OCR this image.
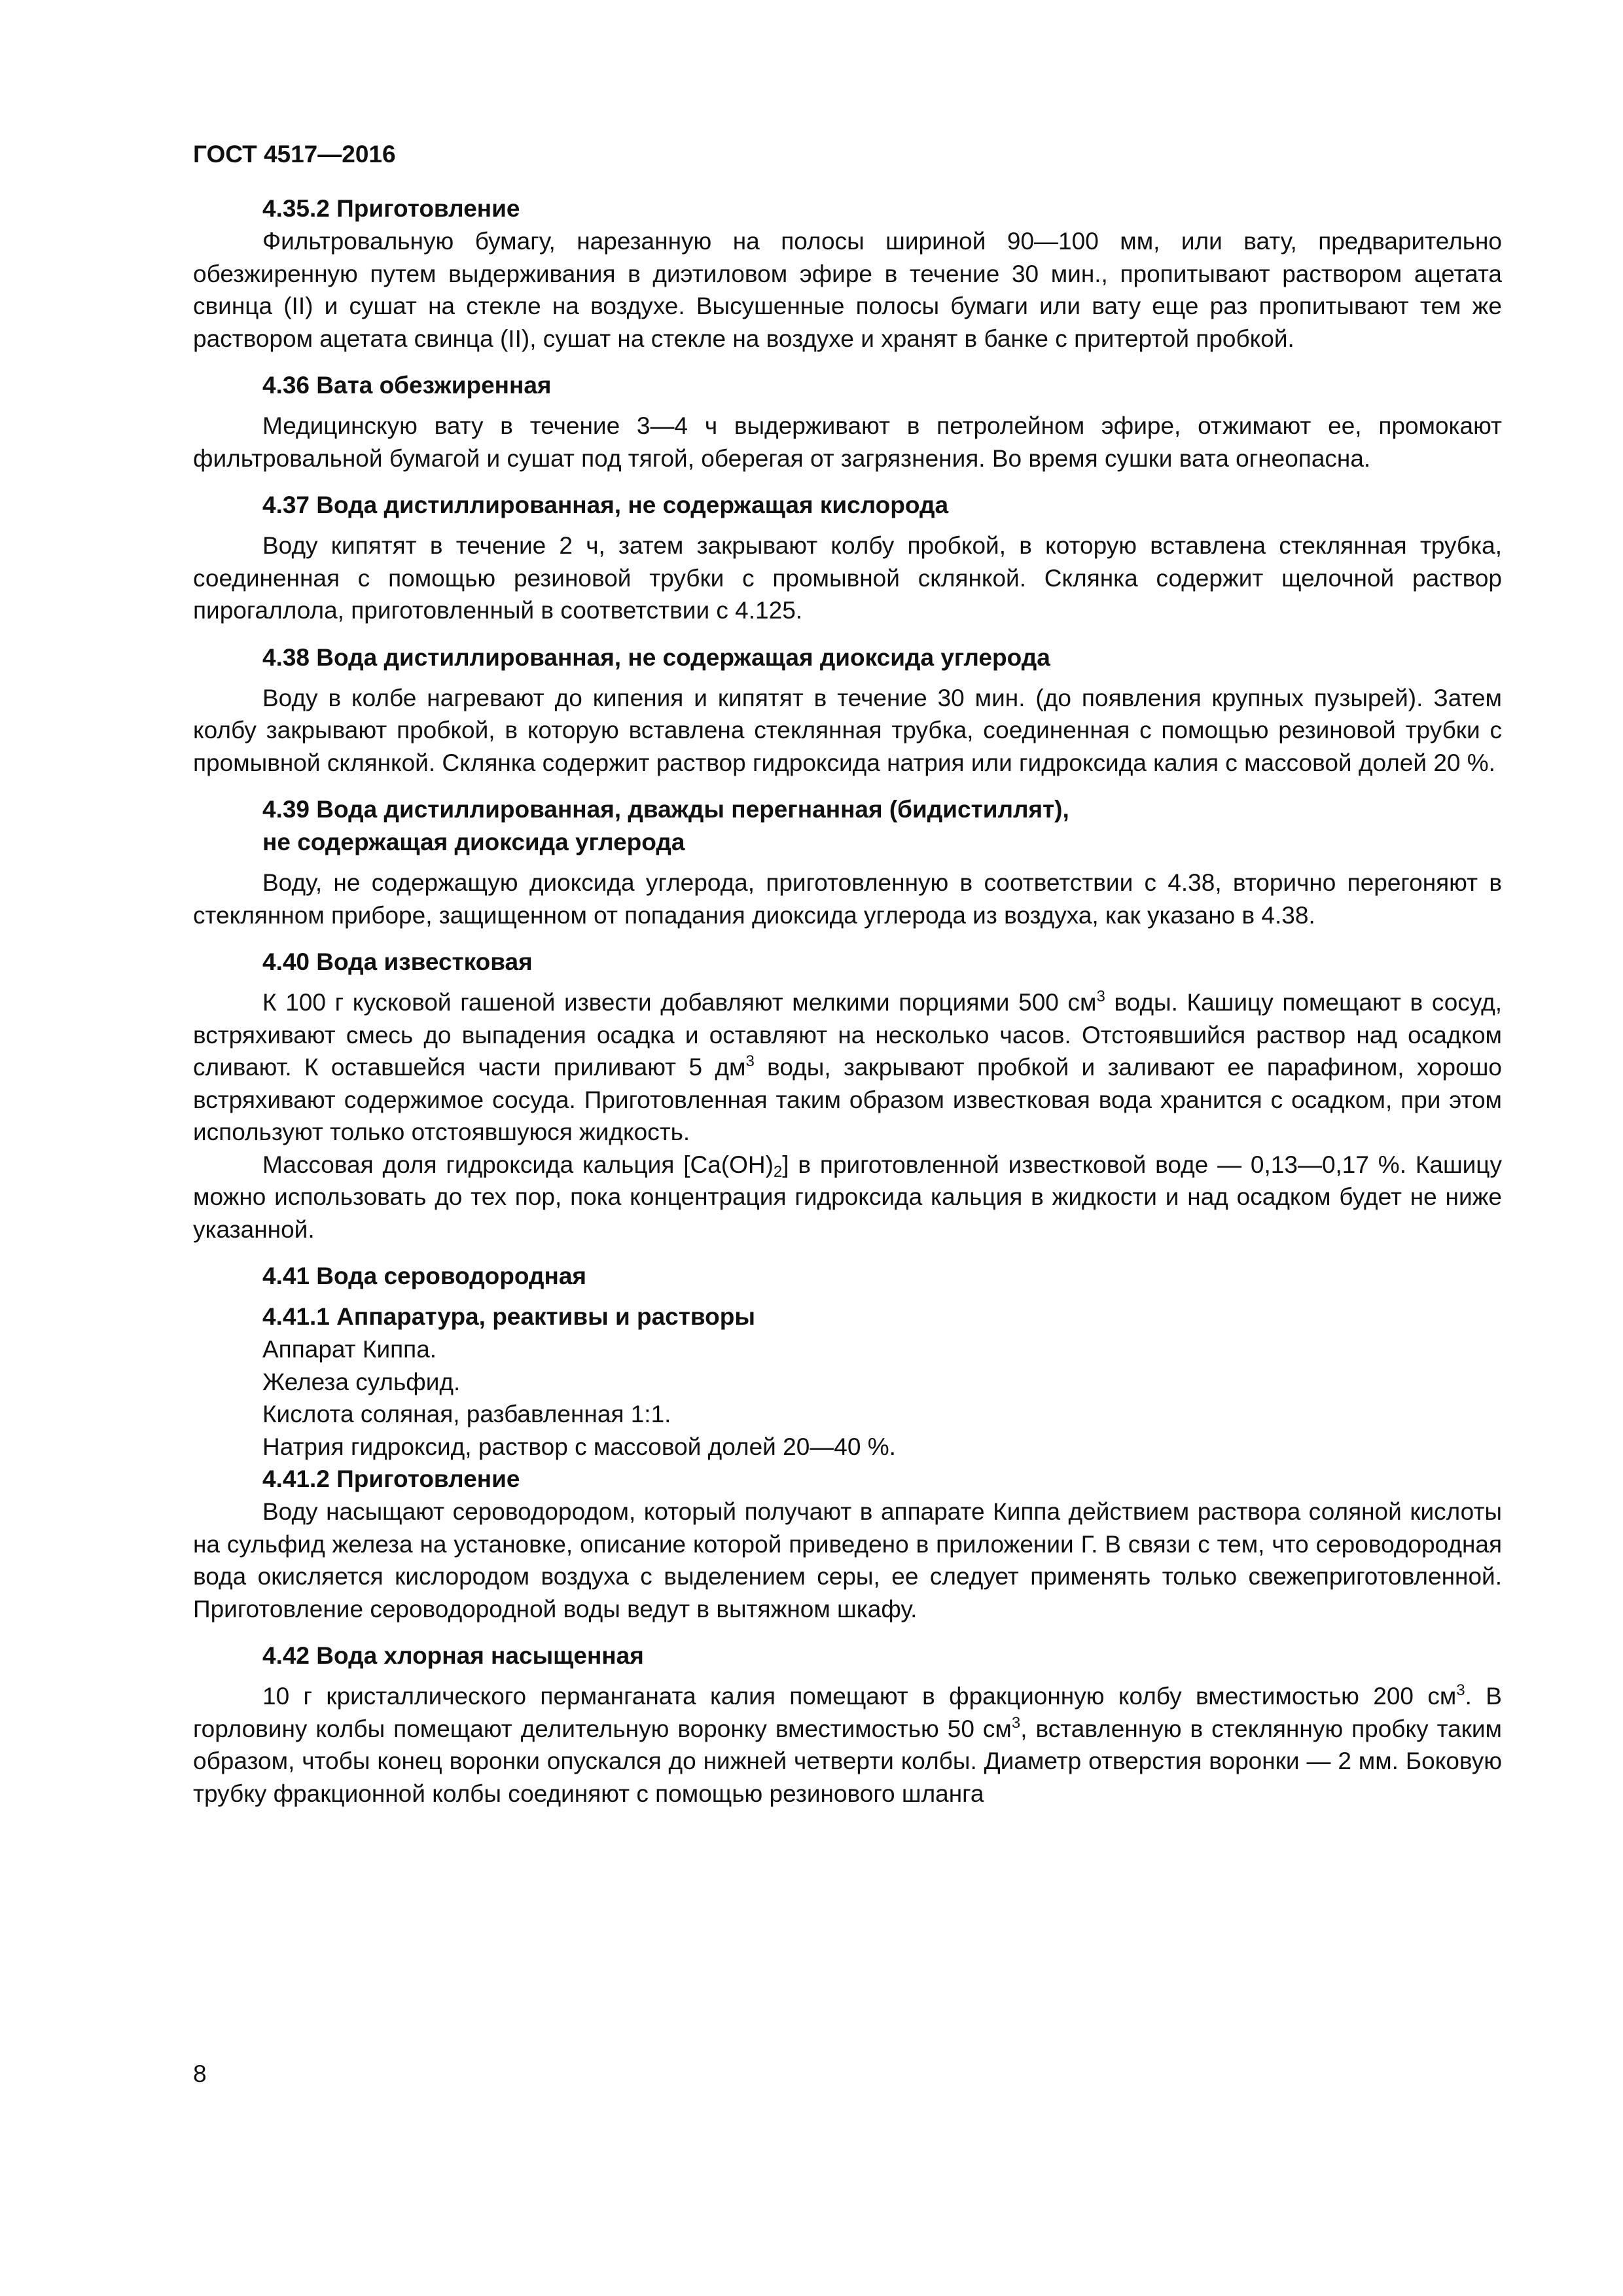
ГОСТ 4517—2016
4.35.2 Приготовление

Фильтровальную бумагу, нарезанную на полосы шириной 90—100 мм, или вату, предварительно обезжиренную путем выдерживания в диэтиловом эфире в течение 30 мин., пропитывают раствором ацетата свинца (II) и сушат на стекле на воздухе. Высушенные полосы бумаги или вату еще раз пропитывают тем же раствором ацетата свинца (II), сушат на стекле на воздухе и хранят в банке с притертой пробкой.

4.36 Вата обезжиренная

Медицинскую вату в течение 3—4 ч выдерживают в петролейном эфире, отжимают ее, промокают фильтровальной бумагой и сушат под тягой, оберегая от загрязнения. Во время сушки вата огнеопасна.

4.37 Вода дистиллированная, не содержащая кислорода

Воду кипятят в течение 2 ч, затем закрывают колбу пробкой, в которую вставлена стеклянная трубка, соединенная с помощью резиновой трубки с промывной склянкой. Склянка содержит щелочной раствор пирогаллола, приготовленный в соответствии с 4.125.

4.38 Вода дистиллированная, не содержащая диоксида углерода

Воду в колбе нагревают до кипения и кипятят в течение 30 мин. (до появления крупных пузырей). Затем колбу закрывают пробкой, в которую вставлена стеклянная трубка, соединенная с помощью резиновой трубки с промывной склянкой. Склянка содержит раствор гидроксида натрия или гидроксида калия с массовой долей 20 %.

4.39 Вода дистиллированная, дважды перегнанная (бидистиллят),
не содержащая диоксида углерода

Воду, не содержащую диоксида углерода, приготовленную в соответствии с 4.38, вторично перегоняют в стеклянном приборе, защищенном от попадания диоксида углерода из воздуха, как указано в 4.38.

4.40 Вода известковая

К 100 г кусковой гашеной извести добавляют мелкими порциями 500 $см^3$ воды. Кашицу помещают в сосуд, встряхивают смесь до выпадения осадка и оставляют на несколько часов. Отстоявшийся раствор над осадком сливают. К оставшейся части приливают 5 $дм^3$ воды, закрывают пробкой и заливают ее парафином, хорошо встряхивают содержимое сосуда. Приготовленная таким образом известковая вода хранится с осадком, при этом используют только отстоявшуюся жидкость.

Массовая доля гидроксида кальция $[Ca(OH)_2]$ в приготовленной известковой воде — 0,13—0,17 %. Кашицу можно использовать до тех пор, пока концентрация гидроксида кальция в жидкости и над осадком будет не ниже указанной.

4.41 Вода сероводородная
4.41.1 Аппаратура, реактивы и растворы
Аппарат Киппа.
Железа сульфид.
Кислота соляная, разбавленная 1:1.
Натрия гидроксид, раствор с массовой долей 20—40 %.
4.41.2 Приготовление

Воду насыщают сероводородом, который получают в аппарате Киппа действием раствора соляной кислоты на сульфид железа на установке, описание которой приведено в приложении Г. В связи с тем, что сероводородная вода окисляется кислородом воздуха с выделением серы, ее следует применять только свежеприготовленной. Приготовление сероводородной воды ведут в вытяжном шкафу.

4.42 Вода хлорная насыщенная

10 г кристаллического перманганата калия помещают в фракционную колбу вместимостью 200 $см^3$. В горловину колбы помещают делительную воронку вместимостью 50 $см^3$, вставленную в стеклянную пробку таким образом, чтобы конец воронки опускался до нижней четверти колбы. Диаметр отверстия воронки — 2 мм. Боковую трубку фракционной колбы соединяют с помощью резинового шланга

8
